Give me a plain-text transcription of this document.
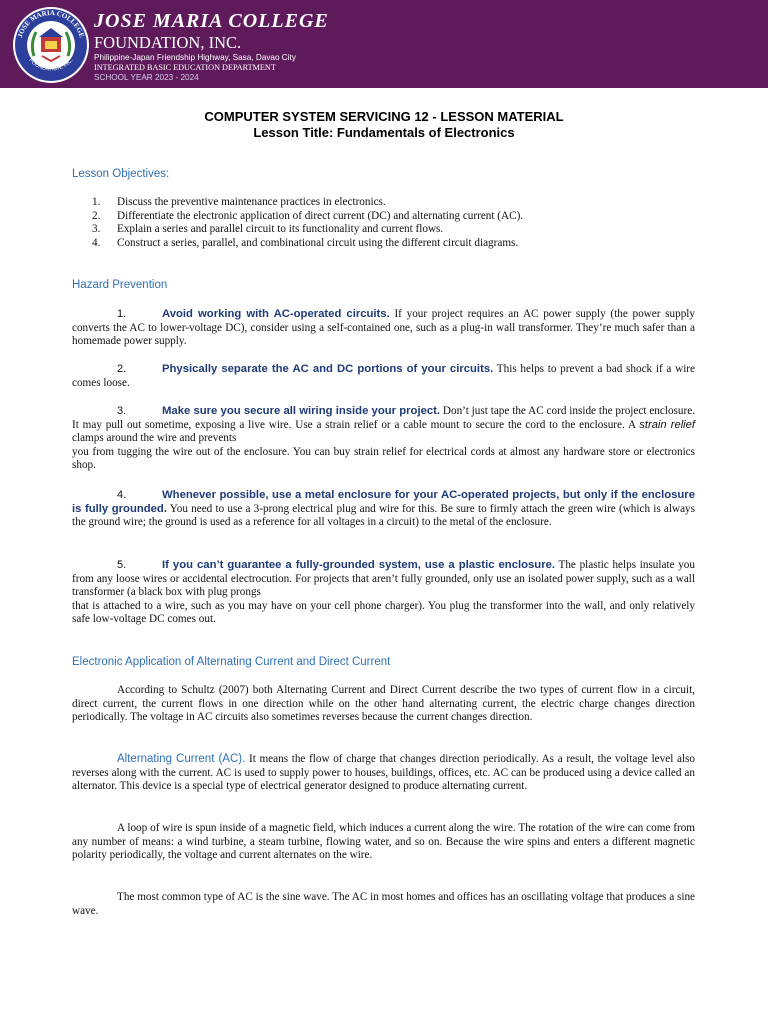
JOSE MARIA COLLEGE
FOUNDATION, INC.
JOSE MARIA COLLEGE
FOUNDATION, INC.
Philippine-Japan Friendship Highway, Sasa, Davao City
INTEGRATED BASIC EDUCATION DEPARTMENT
SCHOOL YEAR 2023 - 2024
COMPUTER SYSTEM SERVICING 12 - LESSON MATERIAL
Lesson Title: Fundamentals of Electronics
Lesson Objectives:
1.	Discuss the preventive maintenance practices in electronics.
2.	Differentiate the electronic application of direct current (DC) and alternating current (AC).
3.	Explain a series and parallel circuit to its functionality and current flows.
4.	Construct a series, parallel, and combinational circuit using the different circuit diagrams.
Hazard Prevention

1.	Avoid working with AC-operated circuits. If your project requires an AC power supply (the power supply converts the AC to lower-voltage DC), consider using a self-contained one, such as a plug-in wall transformer. They’re much safer than a homemade power supply.

2.	Physically separate the AC and DC portions of your circuits. This helps to prevent a bad shock if a wire comes loose.

3.	Make sure you secure all wiring inside your project. Don’t just tape the AC cord inside the project enclosure. It may pull out sometime, exposing a live wire. Use a strain relief or a cable mount to secure the cord to the enclosure. A strain relief clamps around the wire and prevents
you from tugging the wire out of the enclosure. You can buy strain relief for electrical cords at almost any hardware store or electronics shop.

4.	Whenever possible, use a metal enclosure for your AC-operated projects, but only if the enclosure is fully grounded. You need to use a 3-prong electrical plug and wire for this. Be sure to firmly attach the green wire (which is always the ground wire; the ground is used as a reference for all voltages in a circuit) to the metal of the enclosure.

5.	If you can’t guarantee a fully-grounded system, use a plastic enclosure. The plastic helps insulate you from any loose wires or accidental electrocution. For projects that aren’t fully grounded, only use an isolated power supply, such as a wall transformer (a black box with plug prongs
that is attached to a wire, such as you may have on your cell phone charger). You plug the transformer into the wall, and only relatively safe low-voltage DC comes out.

Electronic Application of Alternating Current and Direct Current

According to Schultz (2007) both Alternating Current and Direct Current describe the two types of current flow in a circuit, direct current, the current flows in one direction while on the other hand alternating current, the electric charge changes direction periodically. The voltage in AC circuits also sometimes reverses because the current changes direction.

Alternating Current (AC). It means the flow of charge that changes direction periodically. As a result, the voltage level also reverses along with the current. AC is used to supply power to houses, buildings, offices, etc. AC can be produced using a device called an alternator. This device is a special type of electrical generator designed to produce alternating current.

A loop of wire is spun inside of a magnetic field, which induces a current along the wire. The rotation of the wire can come from any number of means: a wind turbine, a steam turbine, flowing water, and so on. Because the wire spins and enters a different magnetic polarity periodically, the voltage and current alternates on the wire.

The most common type of AC is the sine wave. The AC in most homes and offices has an oscillating voltage that produces a sine wave.
